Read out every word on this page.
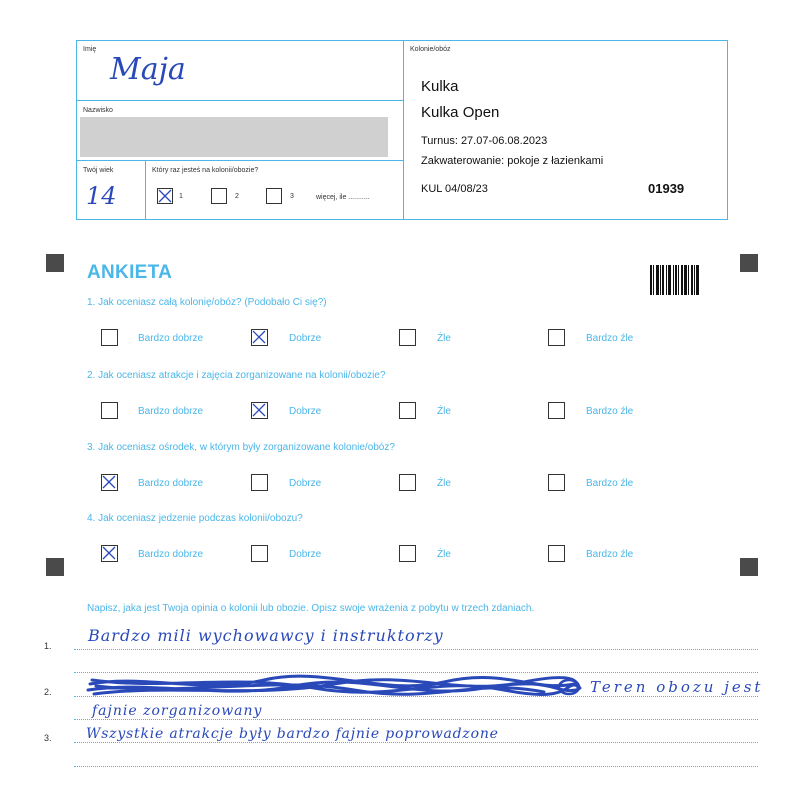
Imię
Maja
Nazwisko
Twój wiek
14
Który raz jesteś na kolonii/obozie?
1	2	3	więcej, ile ...........
Kolonie/obóz
Kulka
Kulka Open
Turnus: 27.07-06.08.2023
Zakwaterowanie: pokoje z łazienkami
KUL 04/08/23	01939
ANKIETA
1. Jak oceniasz całą kolonię/obóz? (Podobało Ci się?)
Bardzo dobrze	Dobrze	Źle	Bardzo źle
2. Jak oceniasz atrakcje i zajęcia zorganizowane na kolonii/obozie?
Bardzo dobrze	Dobrze	Źle	Bardzo źle
3. Jak oceniasz ośrodek, w którym były zorganizowane kolonie/obóz?
Bardzo dobrze	Dobrze	Źle	Bardzo źle
4. Jak oceniasz jedzenie podczas kolonii/obozu?
Bardzo dobrze	Dobrze	Źle	Bardzo źle
Napisz, jaka jest Twoja opinia o kolonii lub obozie. Opisz swoje wrażenia z pobytu w trzech zdaniach.
1.
2.
3.
Bardzo mili wychowawcy i instruktorzy
Teren obozu jest
fajnie zorganizowany
Wszystkie atrakcje były bardzo fajnie poprowadzone
